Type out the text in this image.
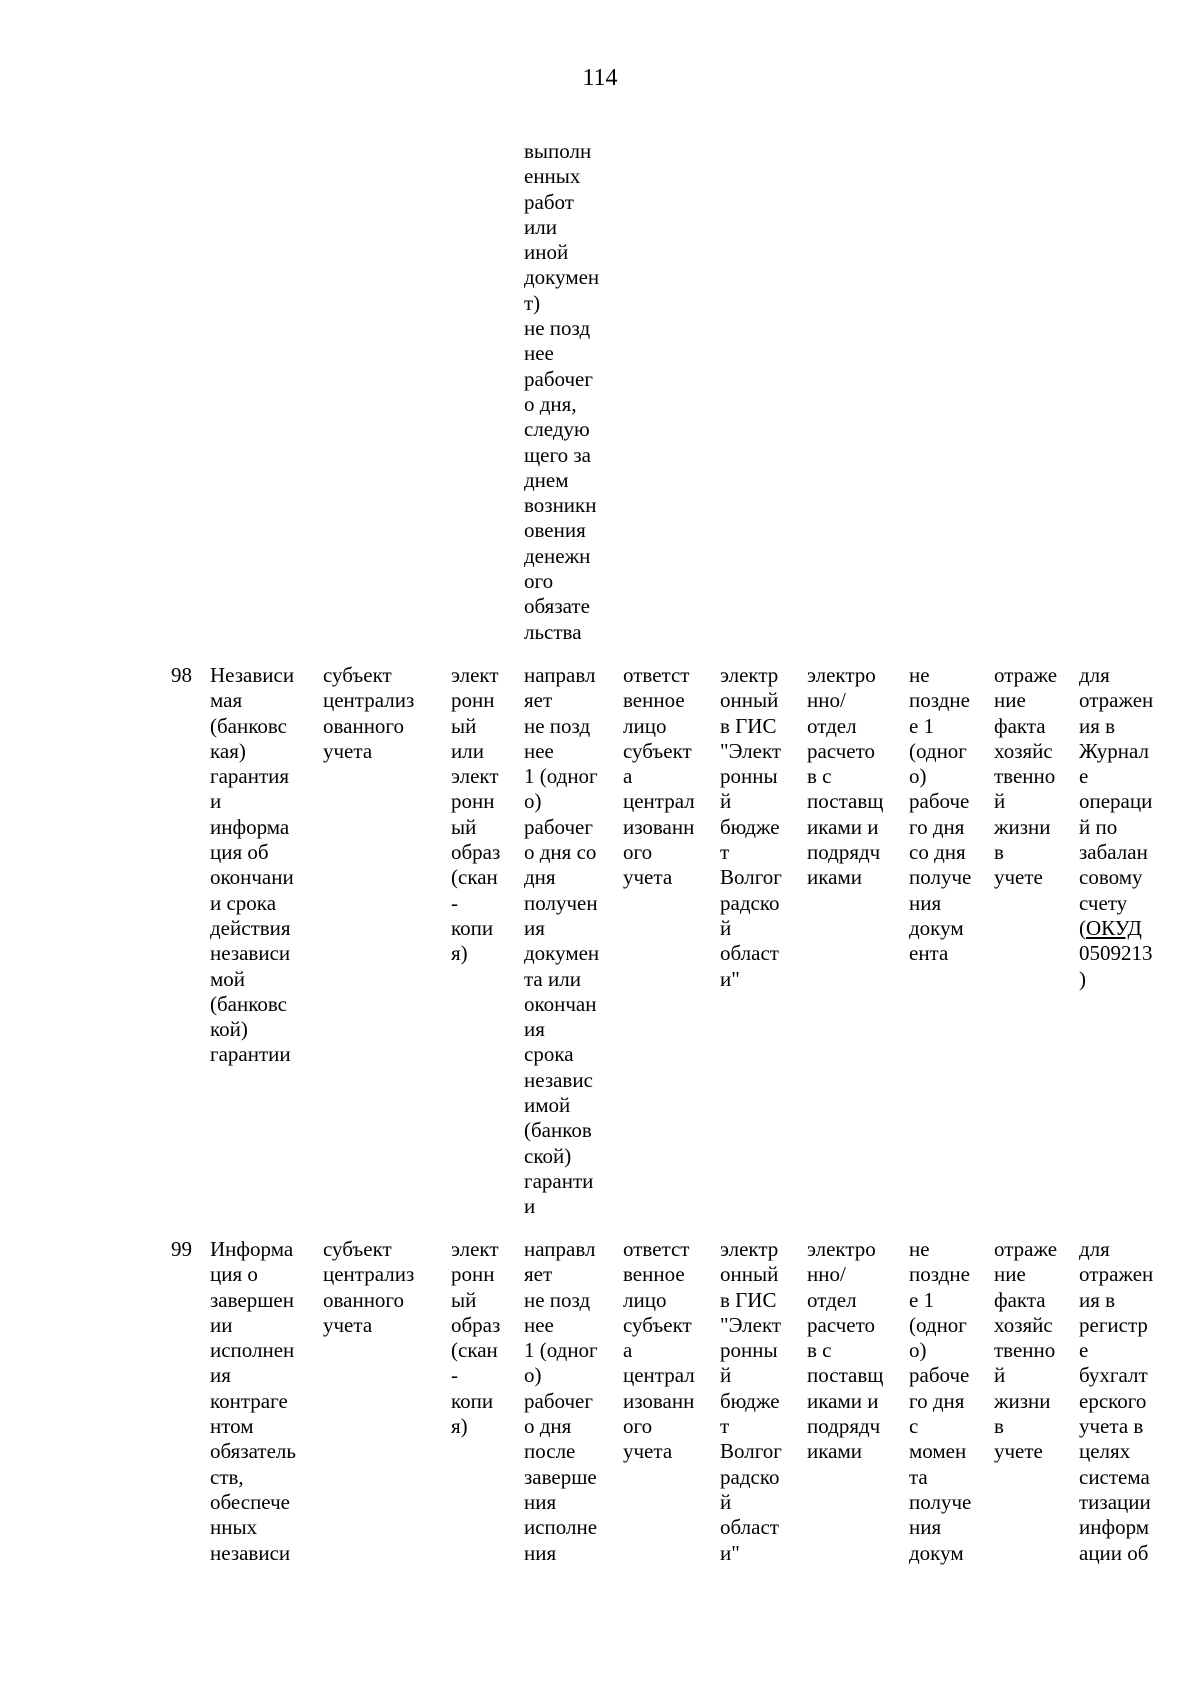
114
выполн
енных
работ
или
иной
докумен
т)
не позд
нее
рабочег
о дня,
следую
щего за
днем
возникн
овения
денежн
ого
обязате
льства
98 Независи
мая
(банковс
кая)
гарантия
и
информа
ция об
окончани
и срока
действия
независи
мой
(банковс
кой)
гарантии
субъект
централиз
ованного
учета
элект
ронн
ый
или
элект
ронн
ый
образ
(скан
-
копи
я)
направл
яет
не позд
нее
1 (одног
о)
рабочег
о дня со
дня
получен
ия
докумен
та или
окончан
ия
срока
независ
имой
(банков
ской)
гаранти
и
ответст
венное
лицо
субъект
а
централ
изованн
ого
учета
электр
онный
в ГИС
"Элект
ронны
й
бюдже
т
Волгог
радско
й
област
и"
электро
нно/
отдел
расчето
в с
поставщ
иками и
подрядч
иками
не
поздне
е 1
(одног
о)
рабоче
го дня
со дня
получе
ния
докум
ента
отраже
ние
факта
хозяйс
твенно
й
жизни
в
учете
для
отражен
ия в
Журнал
е
операци
й по
забалан
совому
счету
(ОКУД
0509213
)
99 Информа
ция о
завершен
ии
исполнен
ия
контраге
нтом
обязатель
ств,
обеспече
нных
независи
субъект
централиз
ованного
учета
элект
ронн
ый
образ
(скан
-
копи
я)
направл
яет
не позд
нее
1 (одног
о)
рабочег
о дня
после
заверше
ния
исполне
ния
ответст
венное
лицо
субъект
а
централ
изованн
ого
учета
электр
онный
в ГИС
"Элект
ронны
й
бюдже
т
Волгог
радско
й
област
и"
электро
нно/
отдел
расчето
в с
поставщ
иками и
подрядч
иками
не
поздне
е 1
(одног
о)
рабоче
го дня
с
момен
та
получе
ния
докум
отраже
ние
факта
хозяйс
твенно
й
жизни
в
учете
для
отражен
ия в
регистр
е
бухгалт
ерского
учета в
целях
система
тизации
информ
ации об
